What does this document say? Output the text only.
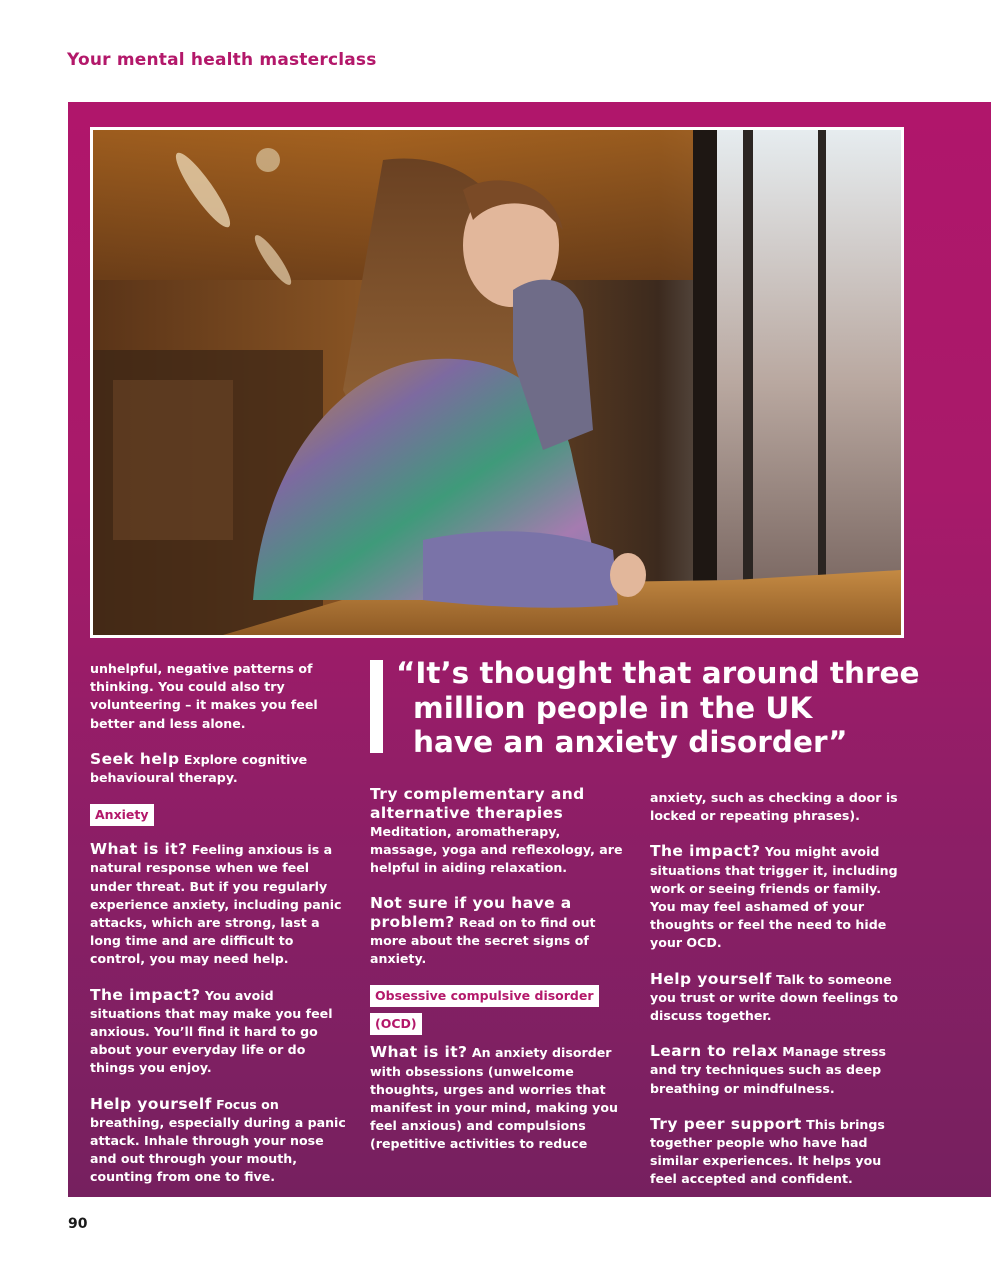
Your mental health masterclass

unhelpful, negative patterns of thinking. You could also try volunteering – it makes you feel better and less alone.

Seek help Explore cognitive behavioural therapy.

Anxiety

What is it? Feeling anxious is a natural response when we feel under threat. But if you regularly experience anxiety, including panic attacks, which are strong, last a long time and are difficult to control, you may need help.

The impact? You avoid situations that may make you feel anxious. You’ll find it hard to go about your everyday life or do things you enjoy.

Help yourself Focus on breathing, especially during a panic attack. Inhale through your nose and out through your mouth, counting from one to five.

“It’s thought that around three
million people in the UK
have an anxiety disorder”

Try complementary and alternative therapies
Meditation, aromatherapy, massage, yoga and reflexology, are helpful in aiding relaxation.

Not sure if you have a problem? Read on to find out more about the secret signs of anxiety.

Obsessive compulsive disorder
(OCD)

What is it? An anxiety disorder with obsessions (unwelcome thoughts, urges and worries that manifest in your mind, making you feel anxious) and compulsions (repetitive activities to reduce

anxiety, such as checking a door is locked or repeating phrases).

The impact? You might avoid situations that trigger it, including work or seeing friends or family. You may feel ashamed of your thoughts or feel the need to hide your OCD.

Help yourself Talk to someone you trust or write down feelings to discuss together.

Learn to relax Manage stress and try techniques such as deep breathing or mindfulness.

Try peer support This brings together people who have had similar experiences. It helps you feel accepted and confident.

90
